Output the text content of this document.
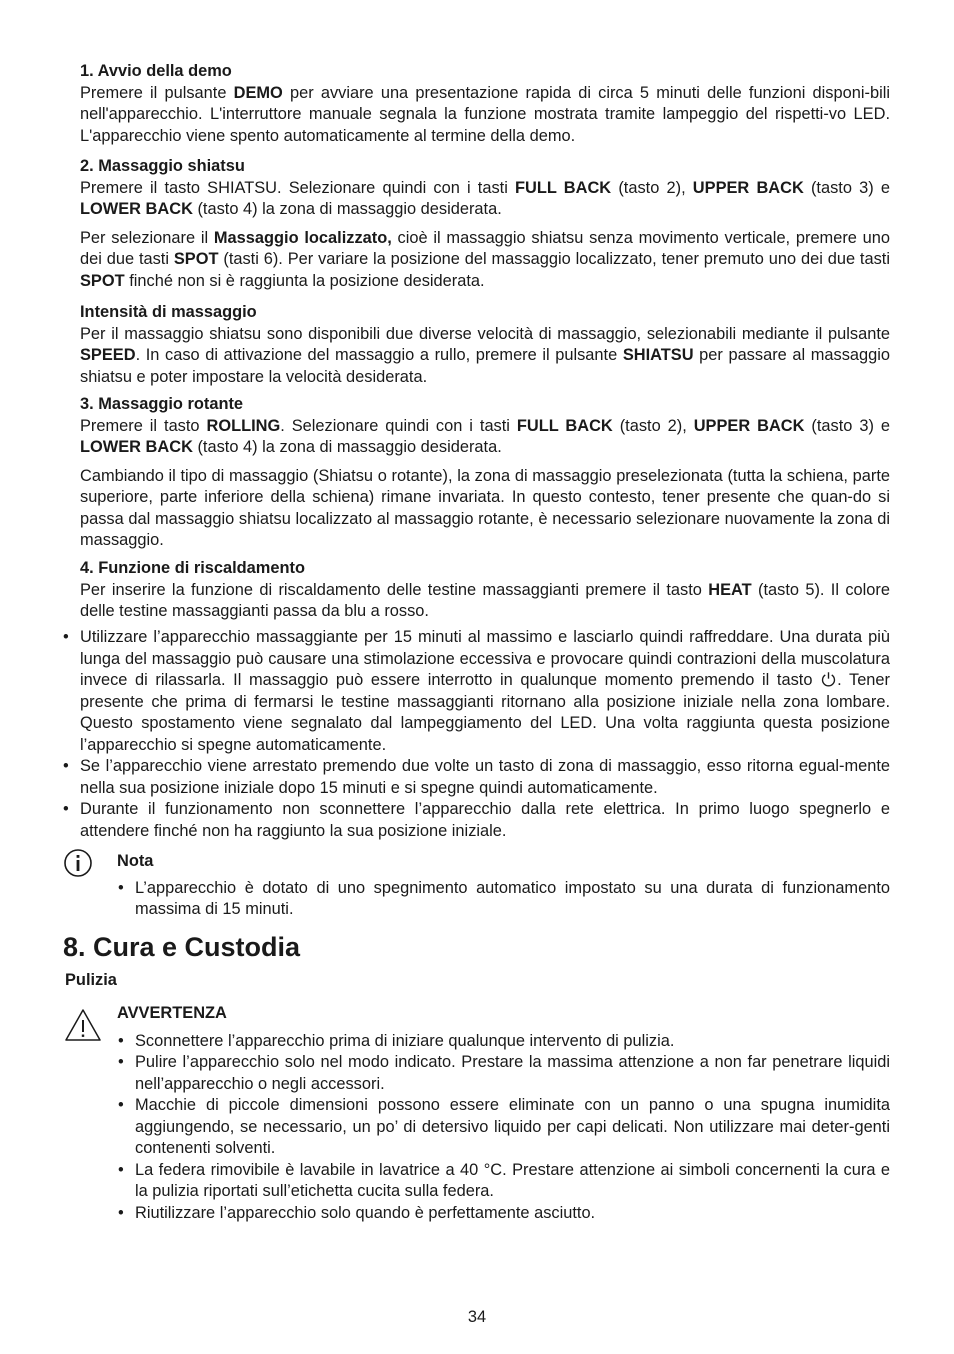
1. Avvio della demo

Premere il pulsante DEMO per avviare una presentazione rapida di circa 5 minuti delle funzioni disponi-bili nell'apparecchio. L'interruttore manuale segnala la funzione mostrata tramite lampeggio del rispetti-vo LED. L'apparecchio viene spento automaticamente al termine della demo.

2. Massaggio shiatsu

Premere il tasto SHIATSU. Selezionare quindi con i tasti FULL BACK (tasto 2), UPPER BACK (tasto 3) e LOWER BACK (tasto 4) la zona di massaggio desiderata.

Per selezionare il Massaggio localizzato, cioè il massaggio shiatsu senza movimento verticale, premere uno dei due tasti SPOT (tasti 6). Per variare la posizione del massaggio localizzato, tener premuto uno dei due tasti SPOT finché non si è raggiunta la posizione desiderata.

Intensità di massaggio

Per il massaggio shiatsu sono disponibili due diverse velocità di massaggio, selezionabili mediante il pulsante SPEED. In caso di attivazione del massaggio a rullo, premere il pulsante SHIATSU per passare al massaggio shiatsu e poter impostare la velocità desiderata.

3. Massaggio rotante

Premere il tasto ROLLING. Selezionare quindi con i tasti FULL BACK (tasto 2), UPPER BACK (tasto 3) e LOWER BACK (tasto 4) la zona di massaggio desiderata.

Cambiando il tipo di massaggio (Shiatsu o rotante), la zona di massaggio preselezionata (tutta la schiena, parte superiore, parte inferiore della schiena) rimane invariata. In questo contesto, tener presente che quan-do si passa dal massaggio shiatsu localizzato al massaggio rotante, è necessario selezionare nuovamente la zona di massaggio.

4. Funzione di riscaldamento

Per inserire la funzione di riscaldamento delle testine massaggianti premere il tasto HEAT (tasto 5). Il colore delle testine massaggianti passa da blu a rosso.

• Utilizzare l’apparecchio massaggiante per 15 minuti al massimo e lasciarlo quindi raffreddare. Una durata più lunga del massaggio può causare una stimolazione eccessiva e provocare quindi contrazioni della muscolatura invece di rilassarla. Il massaggio può essere interrotto in qualunque momento premendo il tasto . Tener presente che prima di fermarsi le testine massaggianti ritornano alla posizione iniziale nella zona lombare. Questo spostamento viene segnalato dal lampeggiamento del LED. Una volta raggiunta questa posizione l’apparecchio si spegne automaticamente.
• Se l’apparecchio viene arrestato premendo due volte un tasto di zona di massaggio, esso ritorna egual-mente nella sua posizione iniziale dopo 15 minuti e si spegne quindi automaticamente.
• Durante il funzionamento non sconnettere l’apparecchio dalla rete elettrica. In primo luogo spegnerlo e attendere finché non ha raggiunto la sua posizione iniziale.

Nota

• L’apparecchio è dotato di uno spegnimento automatico impostato su una durata di funzionamento massima di 15 minuti.
8. Cura e Custodia
Pulizia

AVVERTENZA

• Sconnettere l’apparecchio prima di iniziare qualunque intervento di pulizia.
• Pulire l’apparecchio solo nel modo indicato. Prestare la massima attenzione a non far penetrare liquidi nell’apparecchio o negli accessori.
• Macchie di piccole dimensioni possono essere eliminate con un panno o una spugna inumidita aggiungendo, se necessario, un po’ di detersivo liquido per capi delicati. Non utilizzare mai deter-genti contenenti solventi.
• La federa rimovibile è lavabile in lavatrice a 40 °C. Prestare attenzione ai simboli concernenti la cura e la pulizia riportati sull’etichetta cucita sulla federa.
• Riutilizzare l’apparecchio solo quando è perfettamente asciutto.
34
